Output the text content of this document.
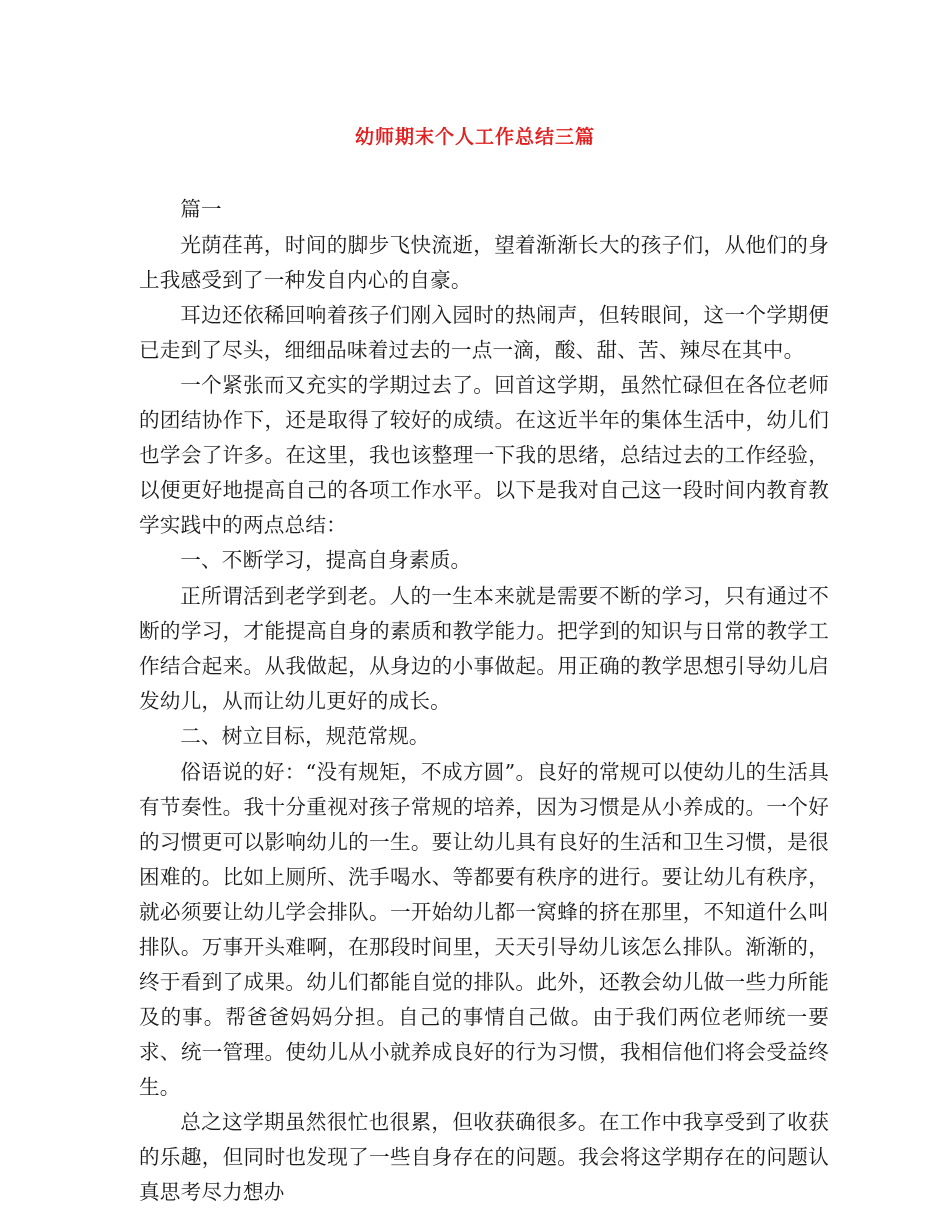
幼师期末个人工作总结三篇

篇一

光荫荏苒，时间的脚步飞快流逝，望着渐渐长大的孩子们，从他们的身上我感受到了一种发自内心的自豪。

耳边还依稀回响着孩子们刚入园时的热闹声，但转眼间，这一个学期便已走到了尽头，细细品味着过去的一点一滴，酸、甜、苦、辣尽在其中。

一个紧张而又充实的学期过去了。回首这学期，虽然忙碌但在各位老师的团结协作下，还是取得了较好的成绩。在这近半年的集体生活中，幼儿们也学会了许多。在这里，我也该整理一下我的思绪，总结过去的工作经验，以便更好地提高自己的各项工作水平。以下是我对自己这一段时间内教育教学实践中的两点总结：

一、不断学习，提高自身素质。

正所谓活到老学到老。人的一生本来就是需要不断的学习，只有通过不断的学习，才能提高自身的素质和教学能力。把学到的知识与日常的教学工作结合起来。从我做起，从身边的小事做起。用正确的教学思想引导幼儿启发幼儿，从而让幼儿更好的成长。

二、树立目标，规范常规。

俗语说的好：“没有规矩，不成方圆”。良好的常规可以使幼儿的生活具有节奏性。我十分重视对孩子常规的培养，因为习惯是从小养成的。一个好的习惯更可以影响幼儿的一生。要让幼儿具有良好的生活和卫生习惯，是很困难的。比如上厕所、洗手喝水、等都要有秩序的进行。要让幼儿有秩序，就必须要让幼儿学会排队。一开始幼儿都一窝蜂的挤在那里，不知道什么叫排队。万事开头难啊，在那段时间里，天天引导幼儿该怎么排队。渐渐的，终于看到了成果。幼儿们都能自觉的排队。此外，还教会幼儿做一些力所能及的事。帮爸爸妈妈分担。自己的事情自己做。由于我们两位老师统一要求、统一管理。使幼儿从小就养成良好的行为习惯，我相信他们将会受益终生。

总之这学期虽然很忙也很累，但收获确很多。在工作中我享受到了收获的乐趣，但同时也发现了一些自身存在的问题。我会将这学期存在的问题认真思考尽力想办
